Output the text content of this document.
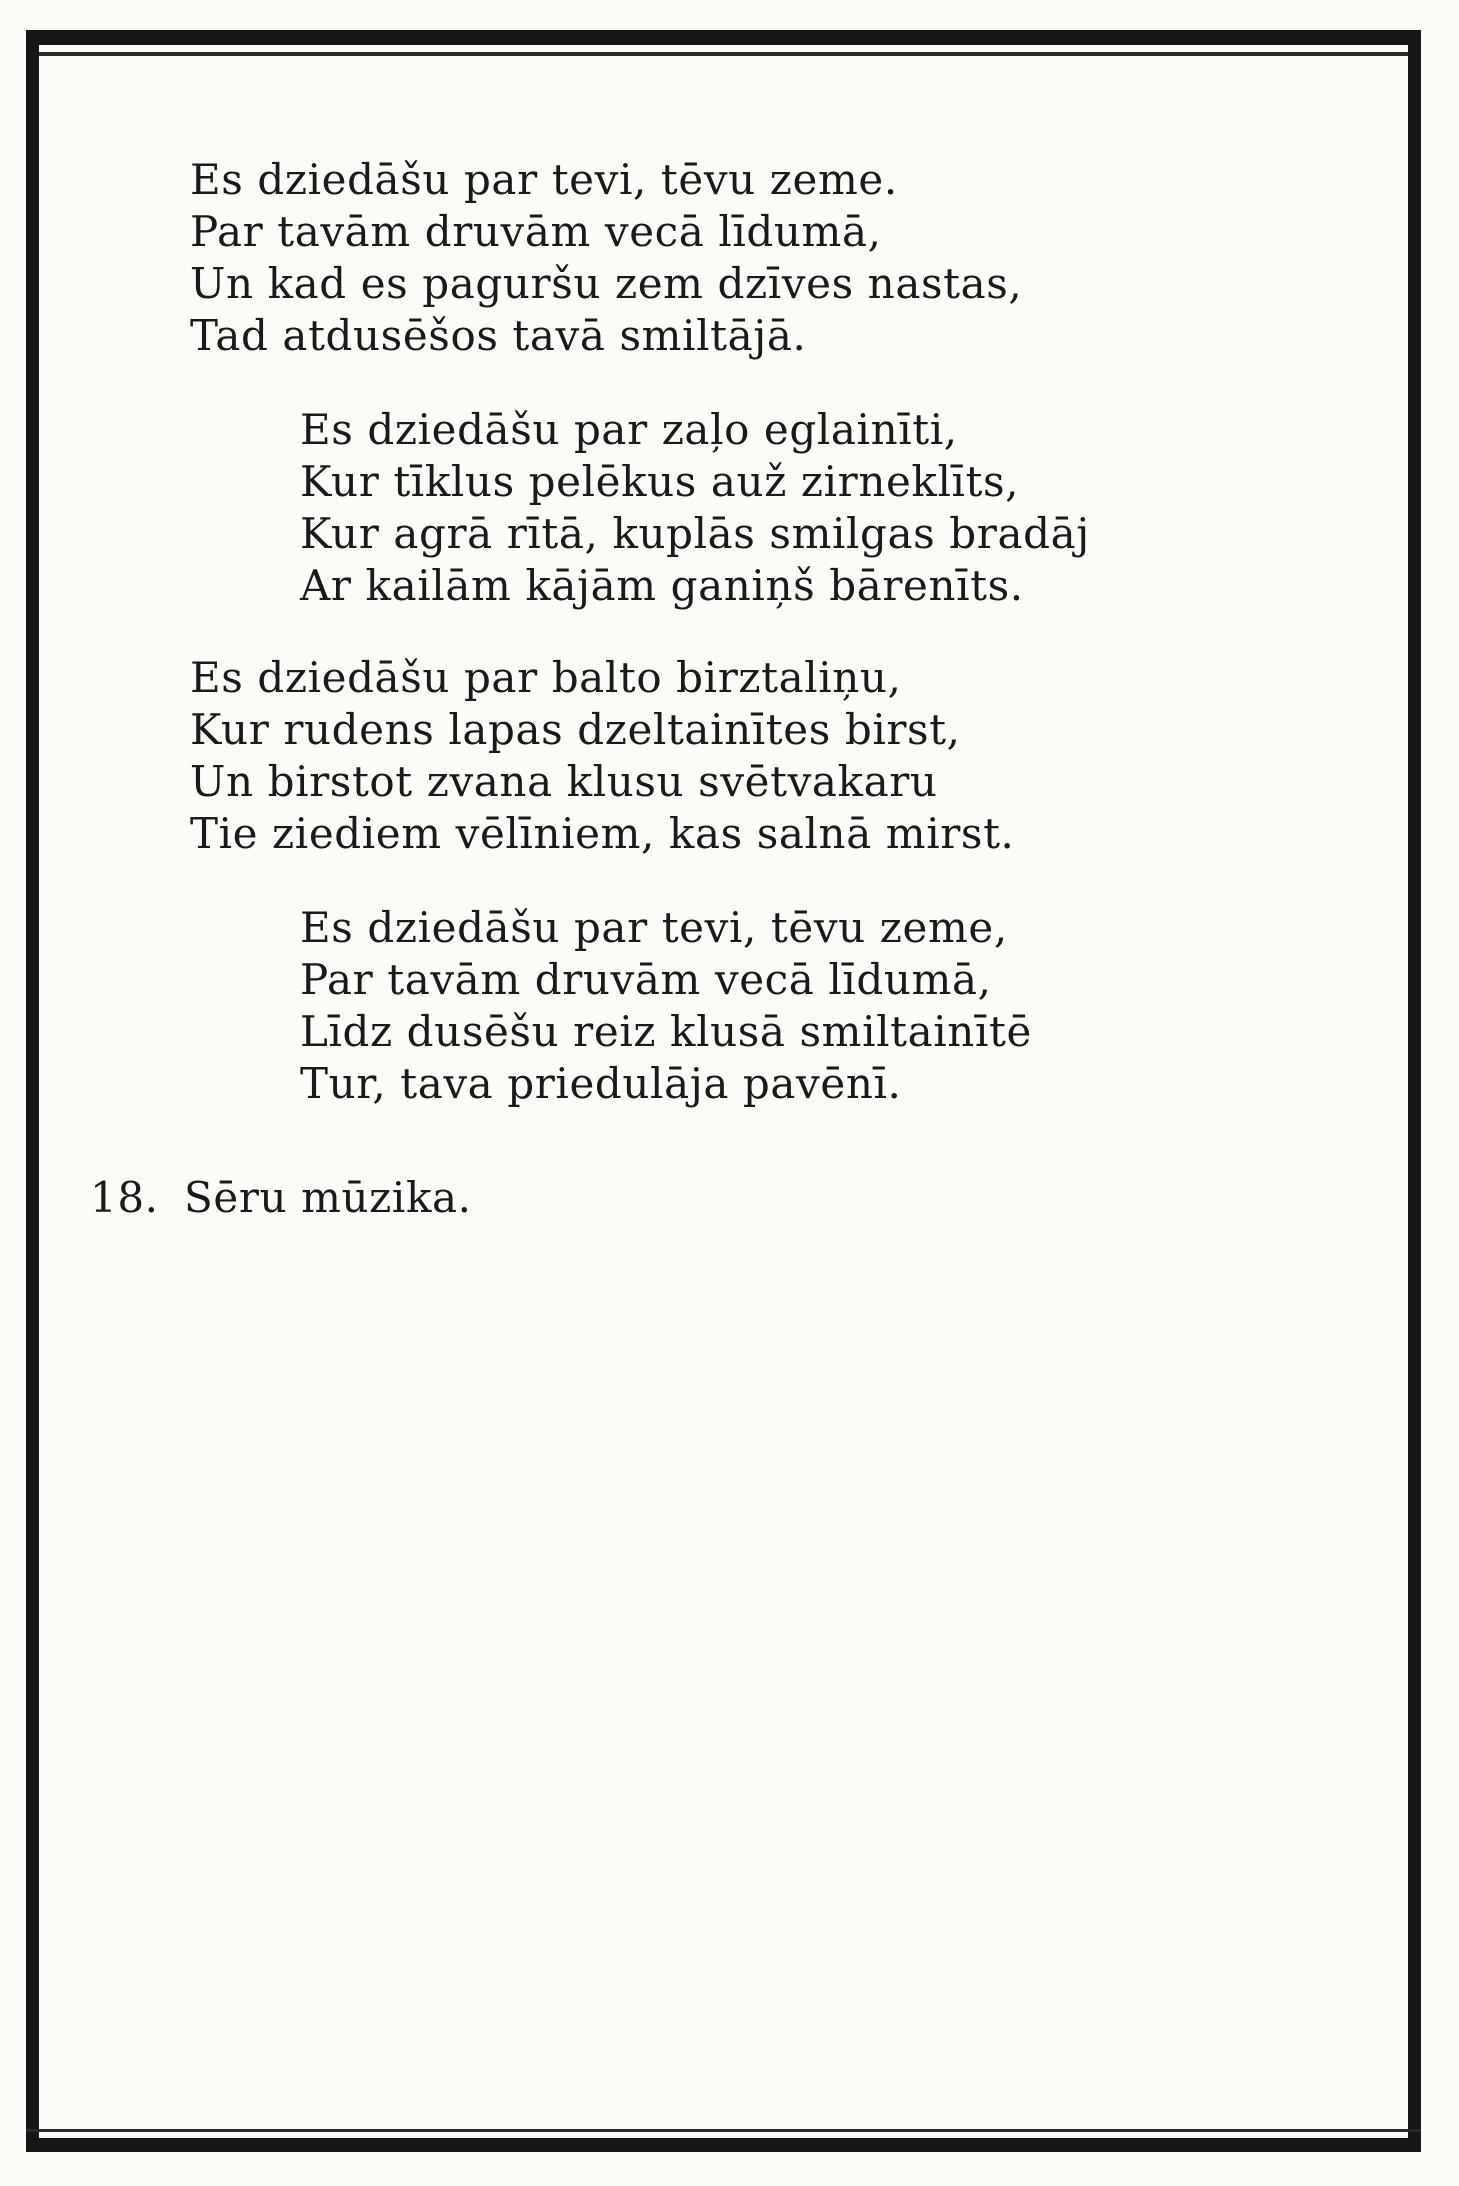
Es dziedāšu par tevi, tēvu zeme.
Par tavām druvām vecā līdumā,
Un kad es paguršu zem dzīves nastas,
Tad atdusēšos tavā smiltājā.

Es dziedāšu par zaļo eglainīti,
Kur tīklus pelēkus auž zirneklīts,
Kur agrā rītā, kuplās smilgas bradāj
Ar kailām kājām ganiņš bārenīts.

Es dziedāšu par balto birztaliņu,
Kur rudens lapas dzeltainītes birst,
Un birstot zvana klusu svētvakaru
Tie ziediem vēlīniem, kas salnā mirst.

Es dziedāšu par tevi, tēvu zeme,
Par tavām druvām vecā līdumā,
Līdz dusēšu reiz klusā smiltainītē
Tur, tava priedulāja pavēnī.

18. Sēru mūzika.
